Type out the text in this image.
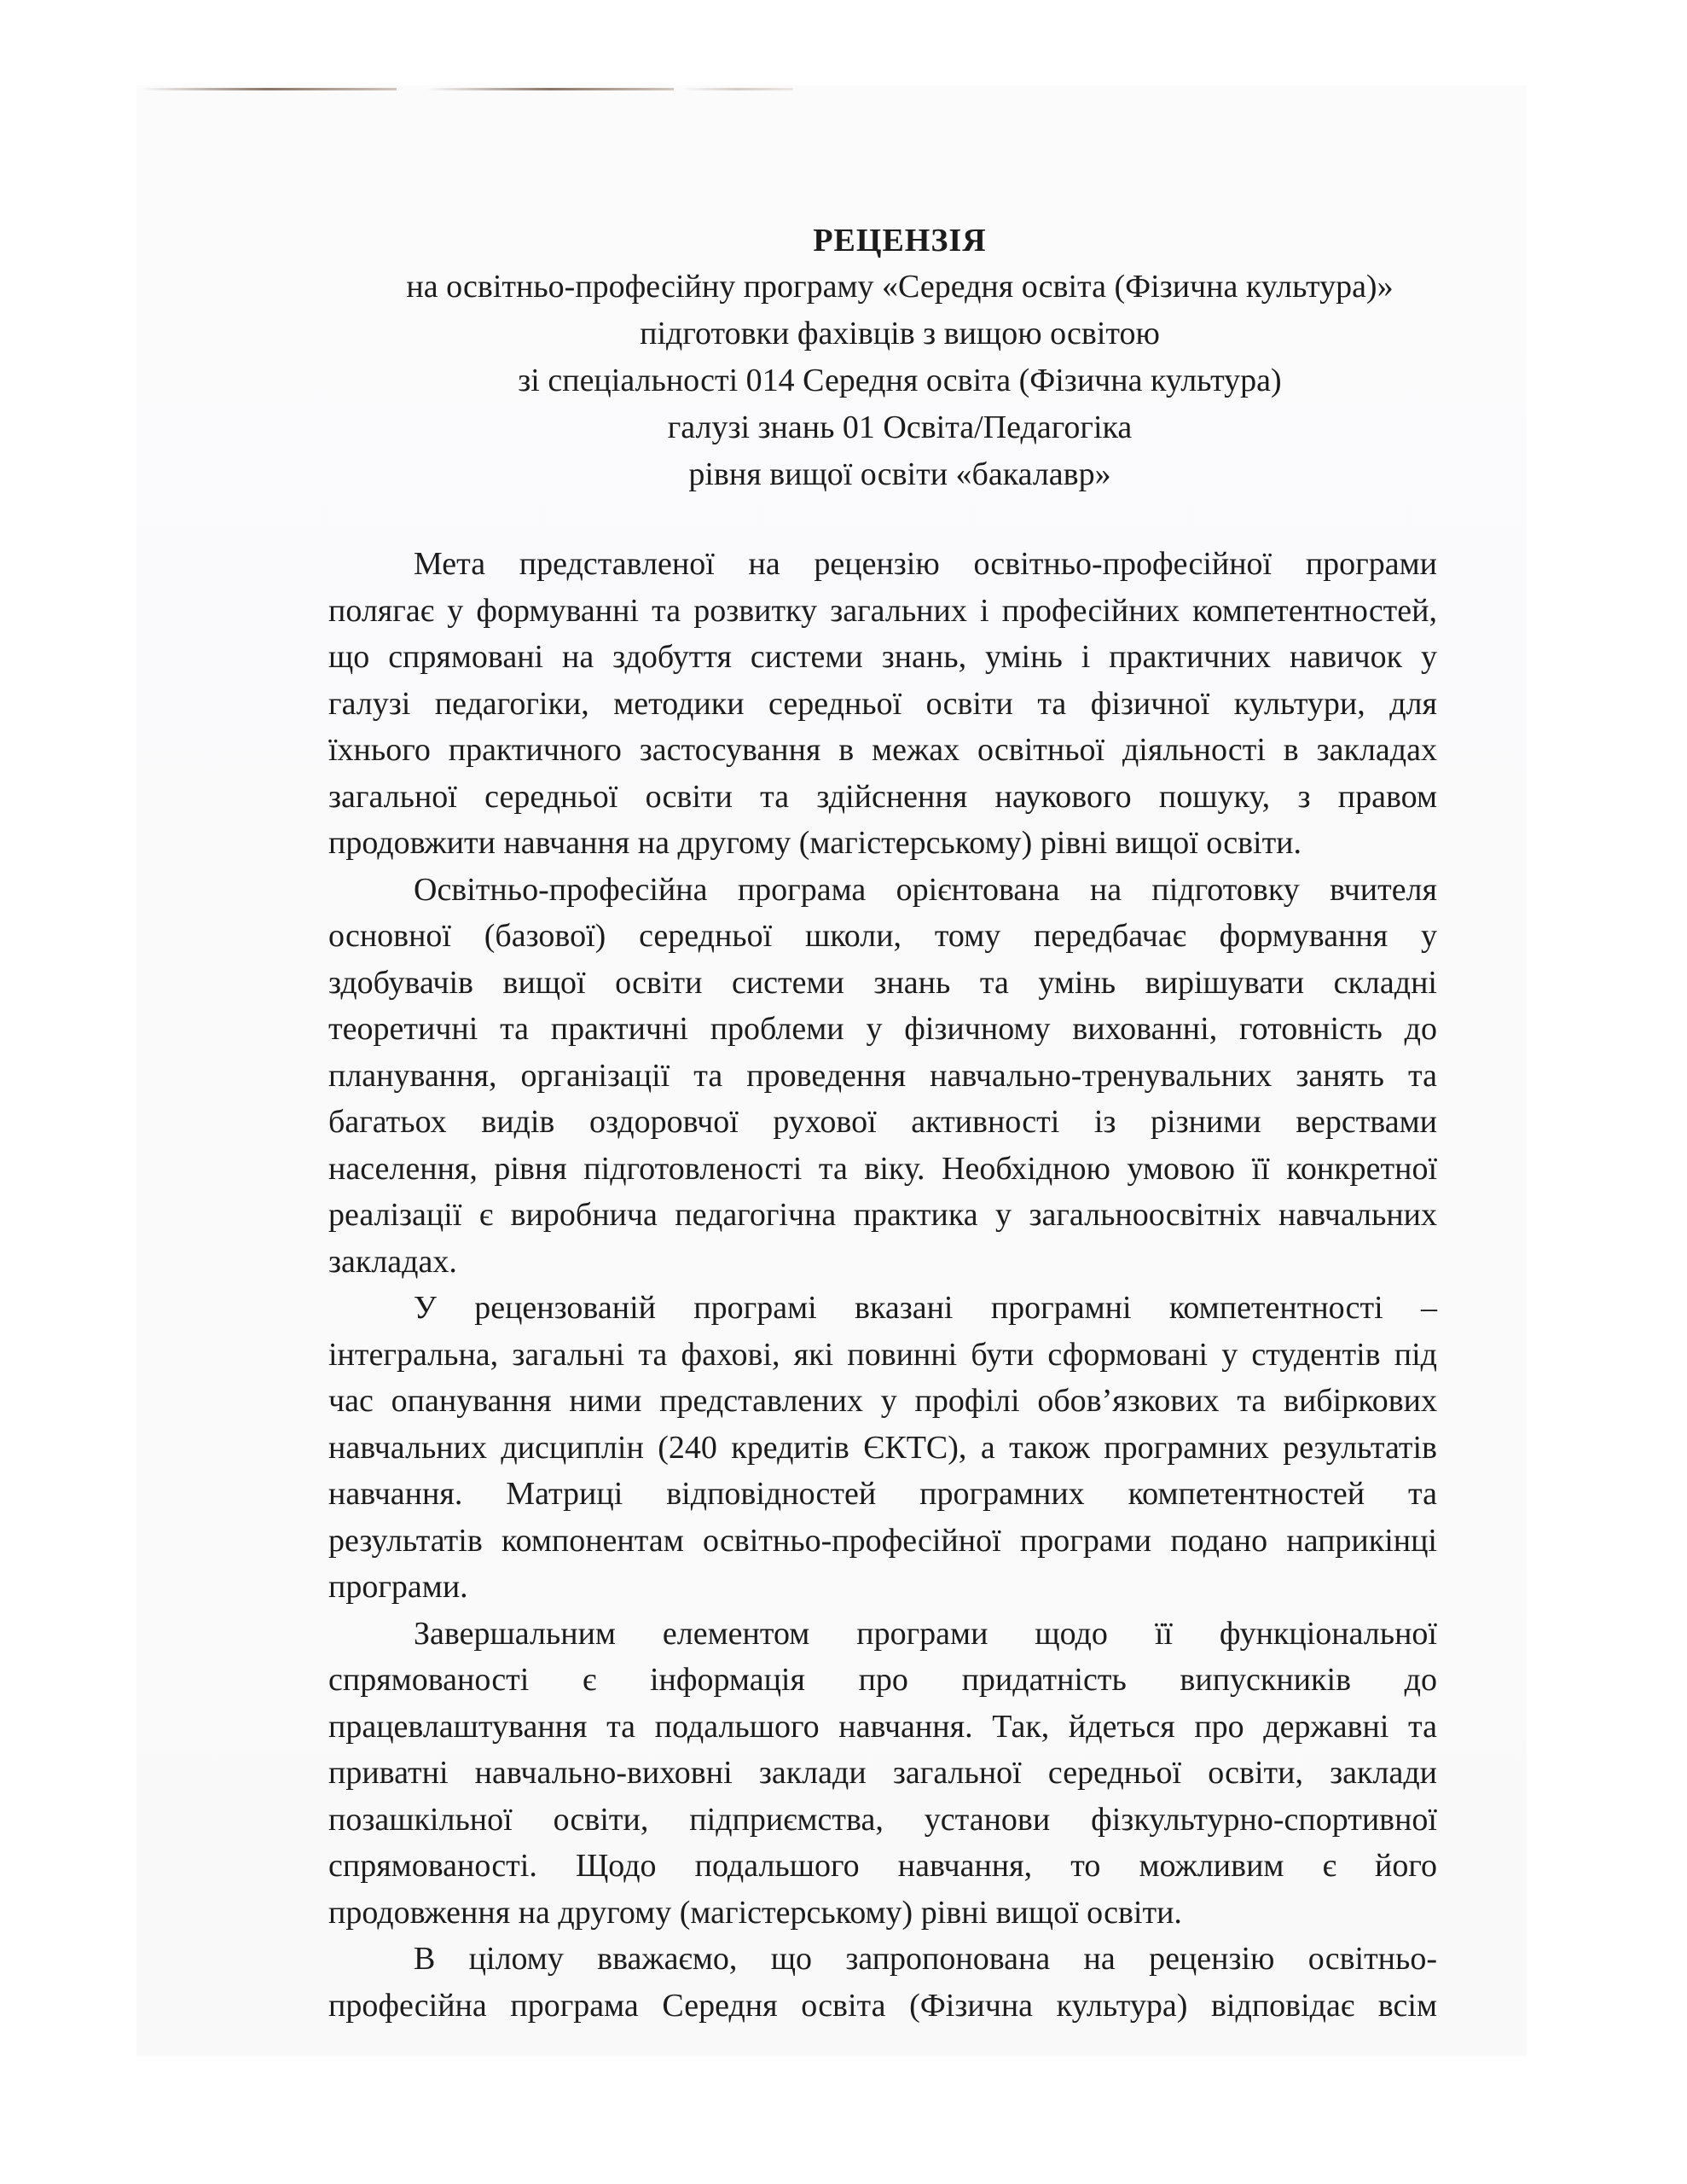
РЕЦЕНЗІЯ
на освітньо-професійну програму «Середня освіта (Фізична культура)»
підготовки фахівців з вищою освітою
зі спеціальності 014 Середня освіта (Фізична культура)
галузі знань 01 Освіта/Педагогіка
рівня вищої освіти «бакалавр»
Мета представленої на рецензію освітньо-професійної програми
полягає у формуванні та розвитку загальних і професійних компетентностей,
що спрямовані на здобуття системи знань, умінь і практичних навичок у
галузі педагогіки, методики середньої освіти та фізичної культури, для
їхнього практичного застосування в межах освітньої діяльності в закладах
загальної середньої освіти та здійснення наукового пошуку, з правом
продовжити навчання на другому (магістерському) рівні вищої освіти.
Освітньо-професійна програма орієнтована на підготовку вчителя
основної (базової) середньої школи, тому передбачає формування у
здобувачів вищої освіти системи знань та умінь вирішувати складні
теоретичні та практичні проблеми у фізичному вихованні, готовність до
планування, організації та проведення навчально-тренувальних занять та
багатьох видів оздоровчої рухової активності із різними верствами
населення, рівня підготовленості та віку. Необхідною умовою її конкретної
реалізації є виробнича педагогічна практика у загальноосвітніх навчальних
закладах.
У рецензованій програмі вказані програмні компетентності –
інтегральна, загальні та фахові, які повинні бути сформовані у студентів під
час опанування ними представлених у профілі обов’язкових та вибіркових
навчальних дисциплін (240 кредитів ЄКТС), а також програмних результатів
навчання. Матриці відповідностей програмних компетентностей та
результатів компонентам освітньо-професійної програми подано наприкінці
програми.
Завершальним елементом програми щодо її функціональної
спрямованості є інформація про придатність випускників до
працевлаштування та подальшого навчання. Так, йдеться про державні та
приватні навчально-виховні заклади загальної середньої освіти, заклади
позашкільної освіти, підприємства, установи фізкультурно-спортивної
спрямованості. Щодо подальшого навчання, то можливим є його
продовження на другому (магістерському) рівні вищої освіти.
В цілому вважаємо, що запропонована на рецензію освітньо-
професійна програма Середня освіта (Фізична культура) відповідає всім
